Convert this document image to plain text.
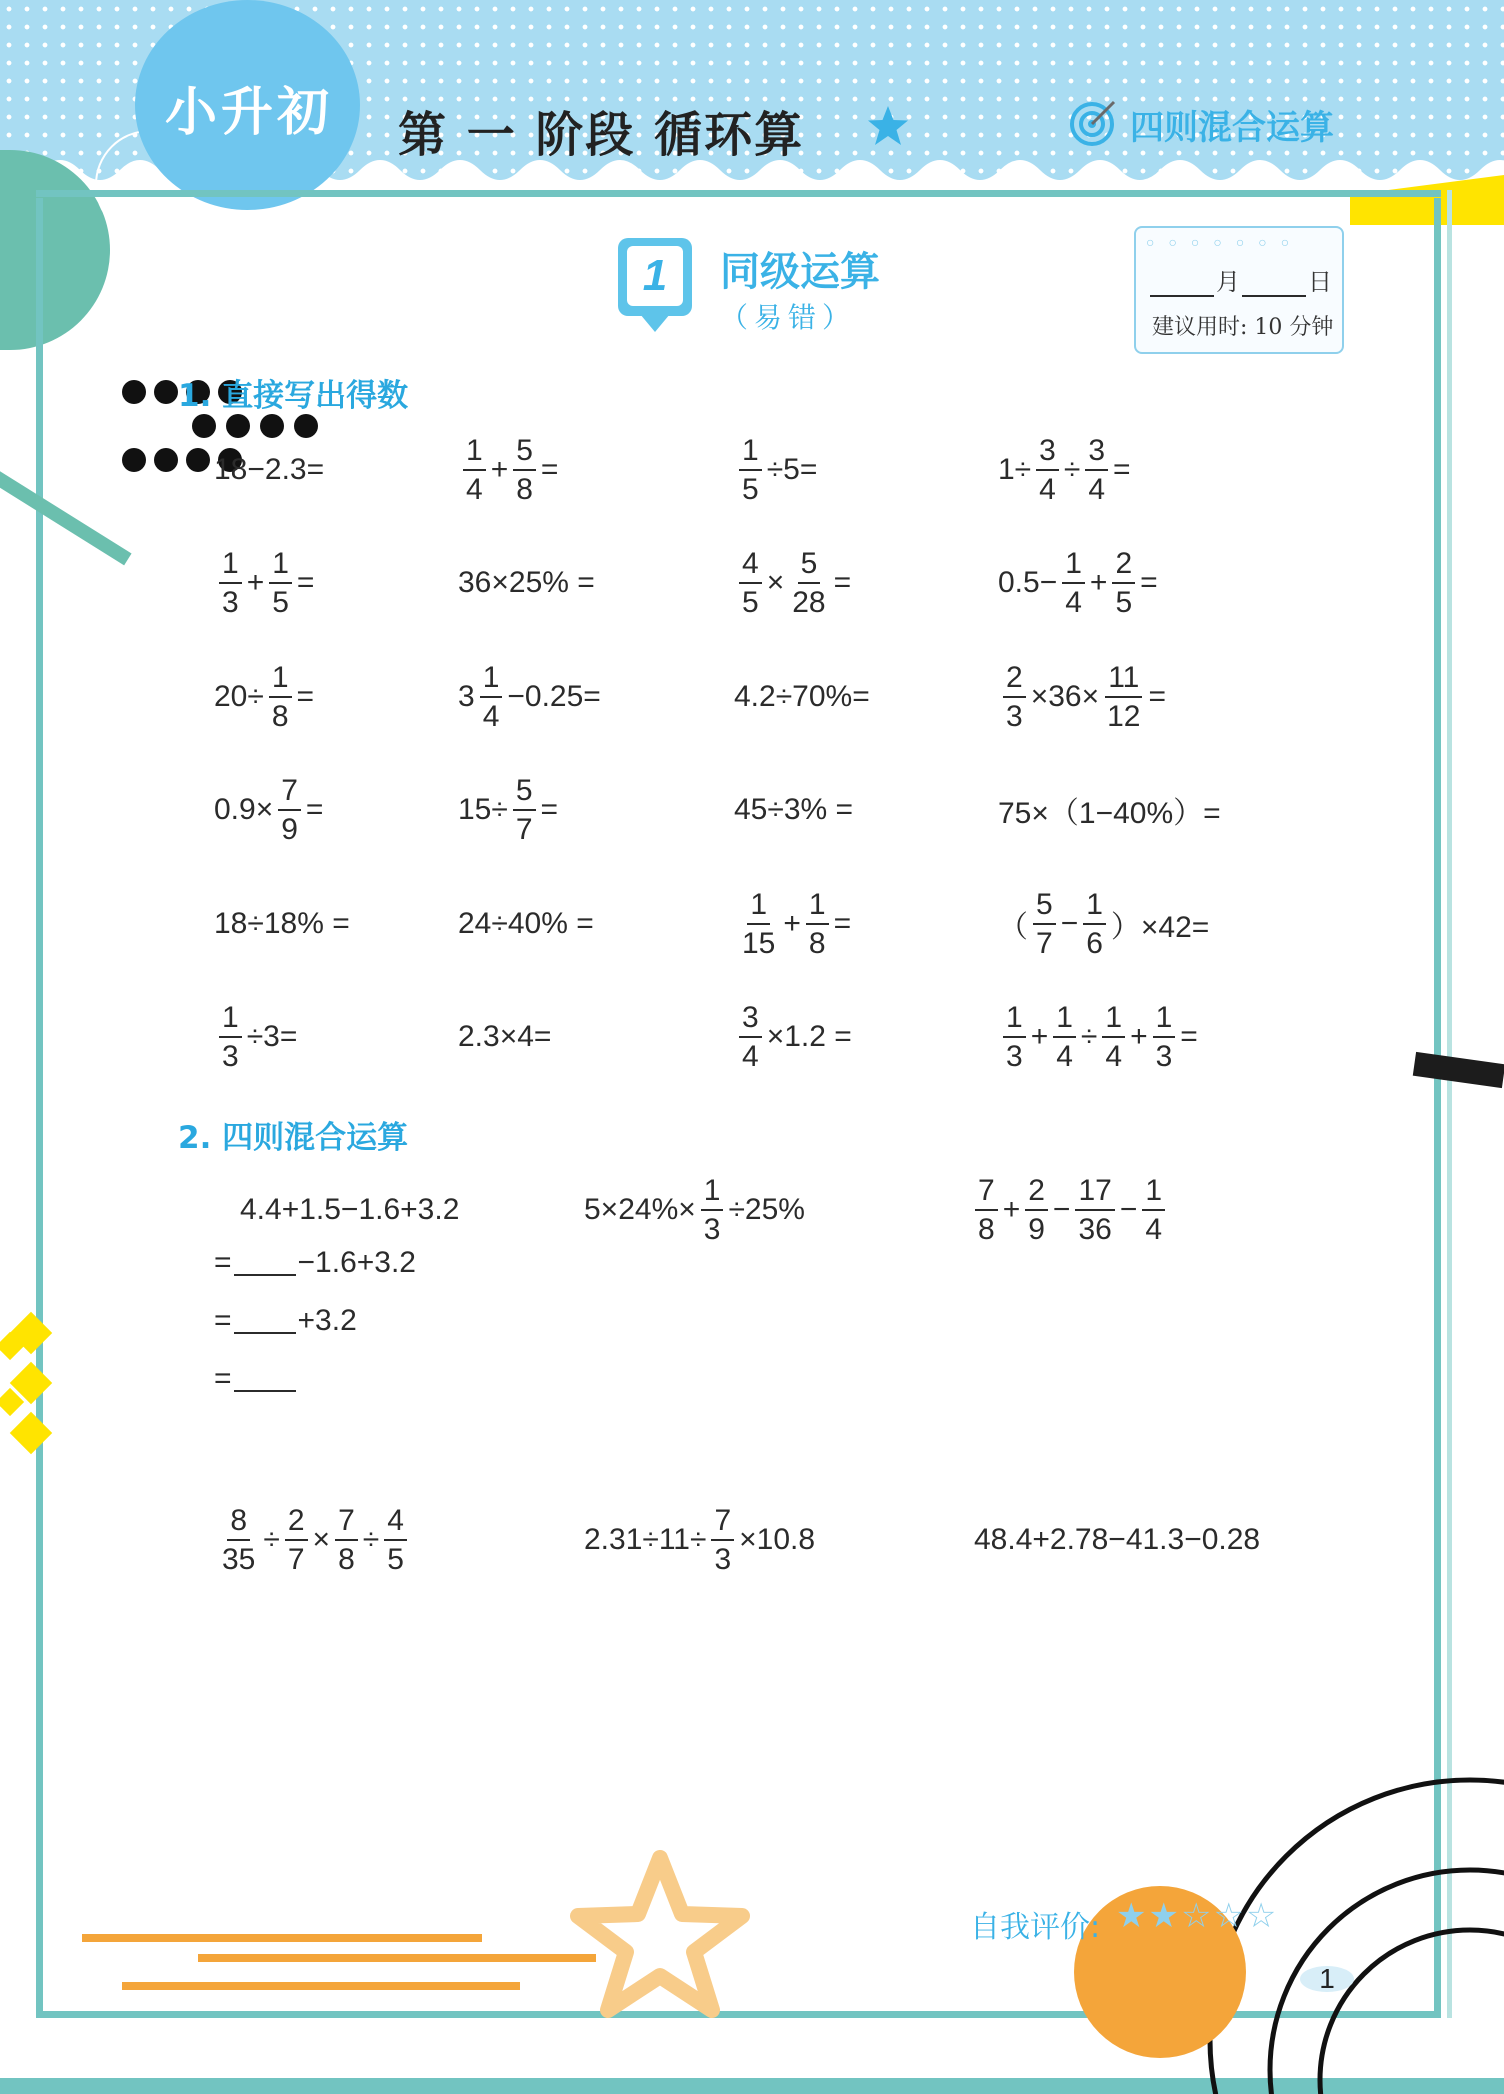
小升初 第 一 阶段 循环算	四则混合运算
1	同级运算
（易错）
○○○○○○○
月	日
建议用时: 10 分钟
1. 直接写出得数
2. 四则混合运算
自我评价: ★★☆☆☆
1
18−2.3=	$\frac{1}{4} + \frac{5}{8}$ =	$\frac{1}{5} \div 5=$	$1\div \frac{3}{4} \div \frac{3}{4}$ =
$\frac{1}{3} + \frac{1}{5}$ =	36×25% =	$\frac{4}{5} \times \frac{5}{28}$ =	$0.5- \frac{1}{4} + \frac{2}{5}$ =
$20\div \frac{1}{8}$ =	$3 \frac{1}{4} -0.25=$	4.2÷70%=	$\frac{2}{3} \times 36\times \frac{11}{12}$ =
$0.9\times \frac{7}{9}$ =	$15\div \frac{5}{7}$ =	45÷3% =	75×（1−40%）=
18÷18% =	24÷40% =	$\frac{1}{15} + \frac{1}{8}$ =	（ $\frac{5}{7} - \frac{1}{6} )\times 42=$
$\frac{1}{3} \div 3=$	2.3×4=	$\frac{3}{4} \times 1.2$ =	$\frac{1}{3} + \frac{1}{4} \div \frac{1}{4} + \frac{1}{3}$ =
4.4+1.5−1.6+3.2	$5\times 24\%\times \frac{1}{3} \div 25\%$	$\frac{7}{8} + \frac{2}{9} - \frac{17}{36} - \frac{1}{4}$
= −1.6+3.2
= +3.2
=
$\frac{8}{35} \div \frac{2}{7} \times \frac{7}{8} \div \frac{4}{5}$	$2.31\div 11\div \frac{7}{3} \times 10.8$	48.4+2.78−41.3−0.28
